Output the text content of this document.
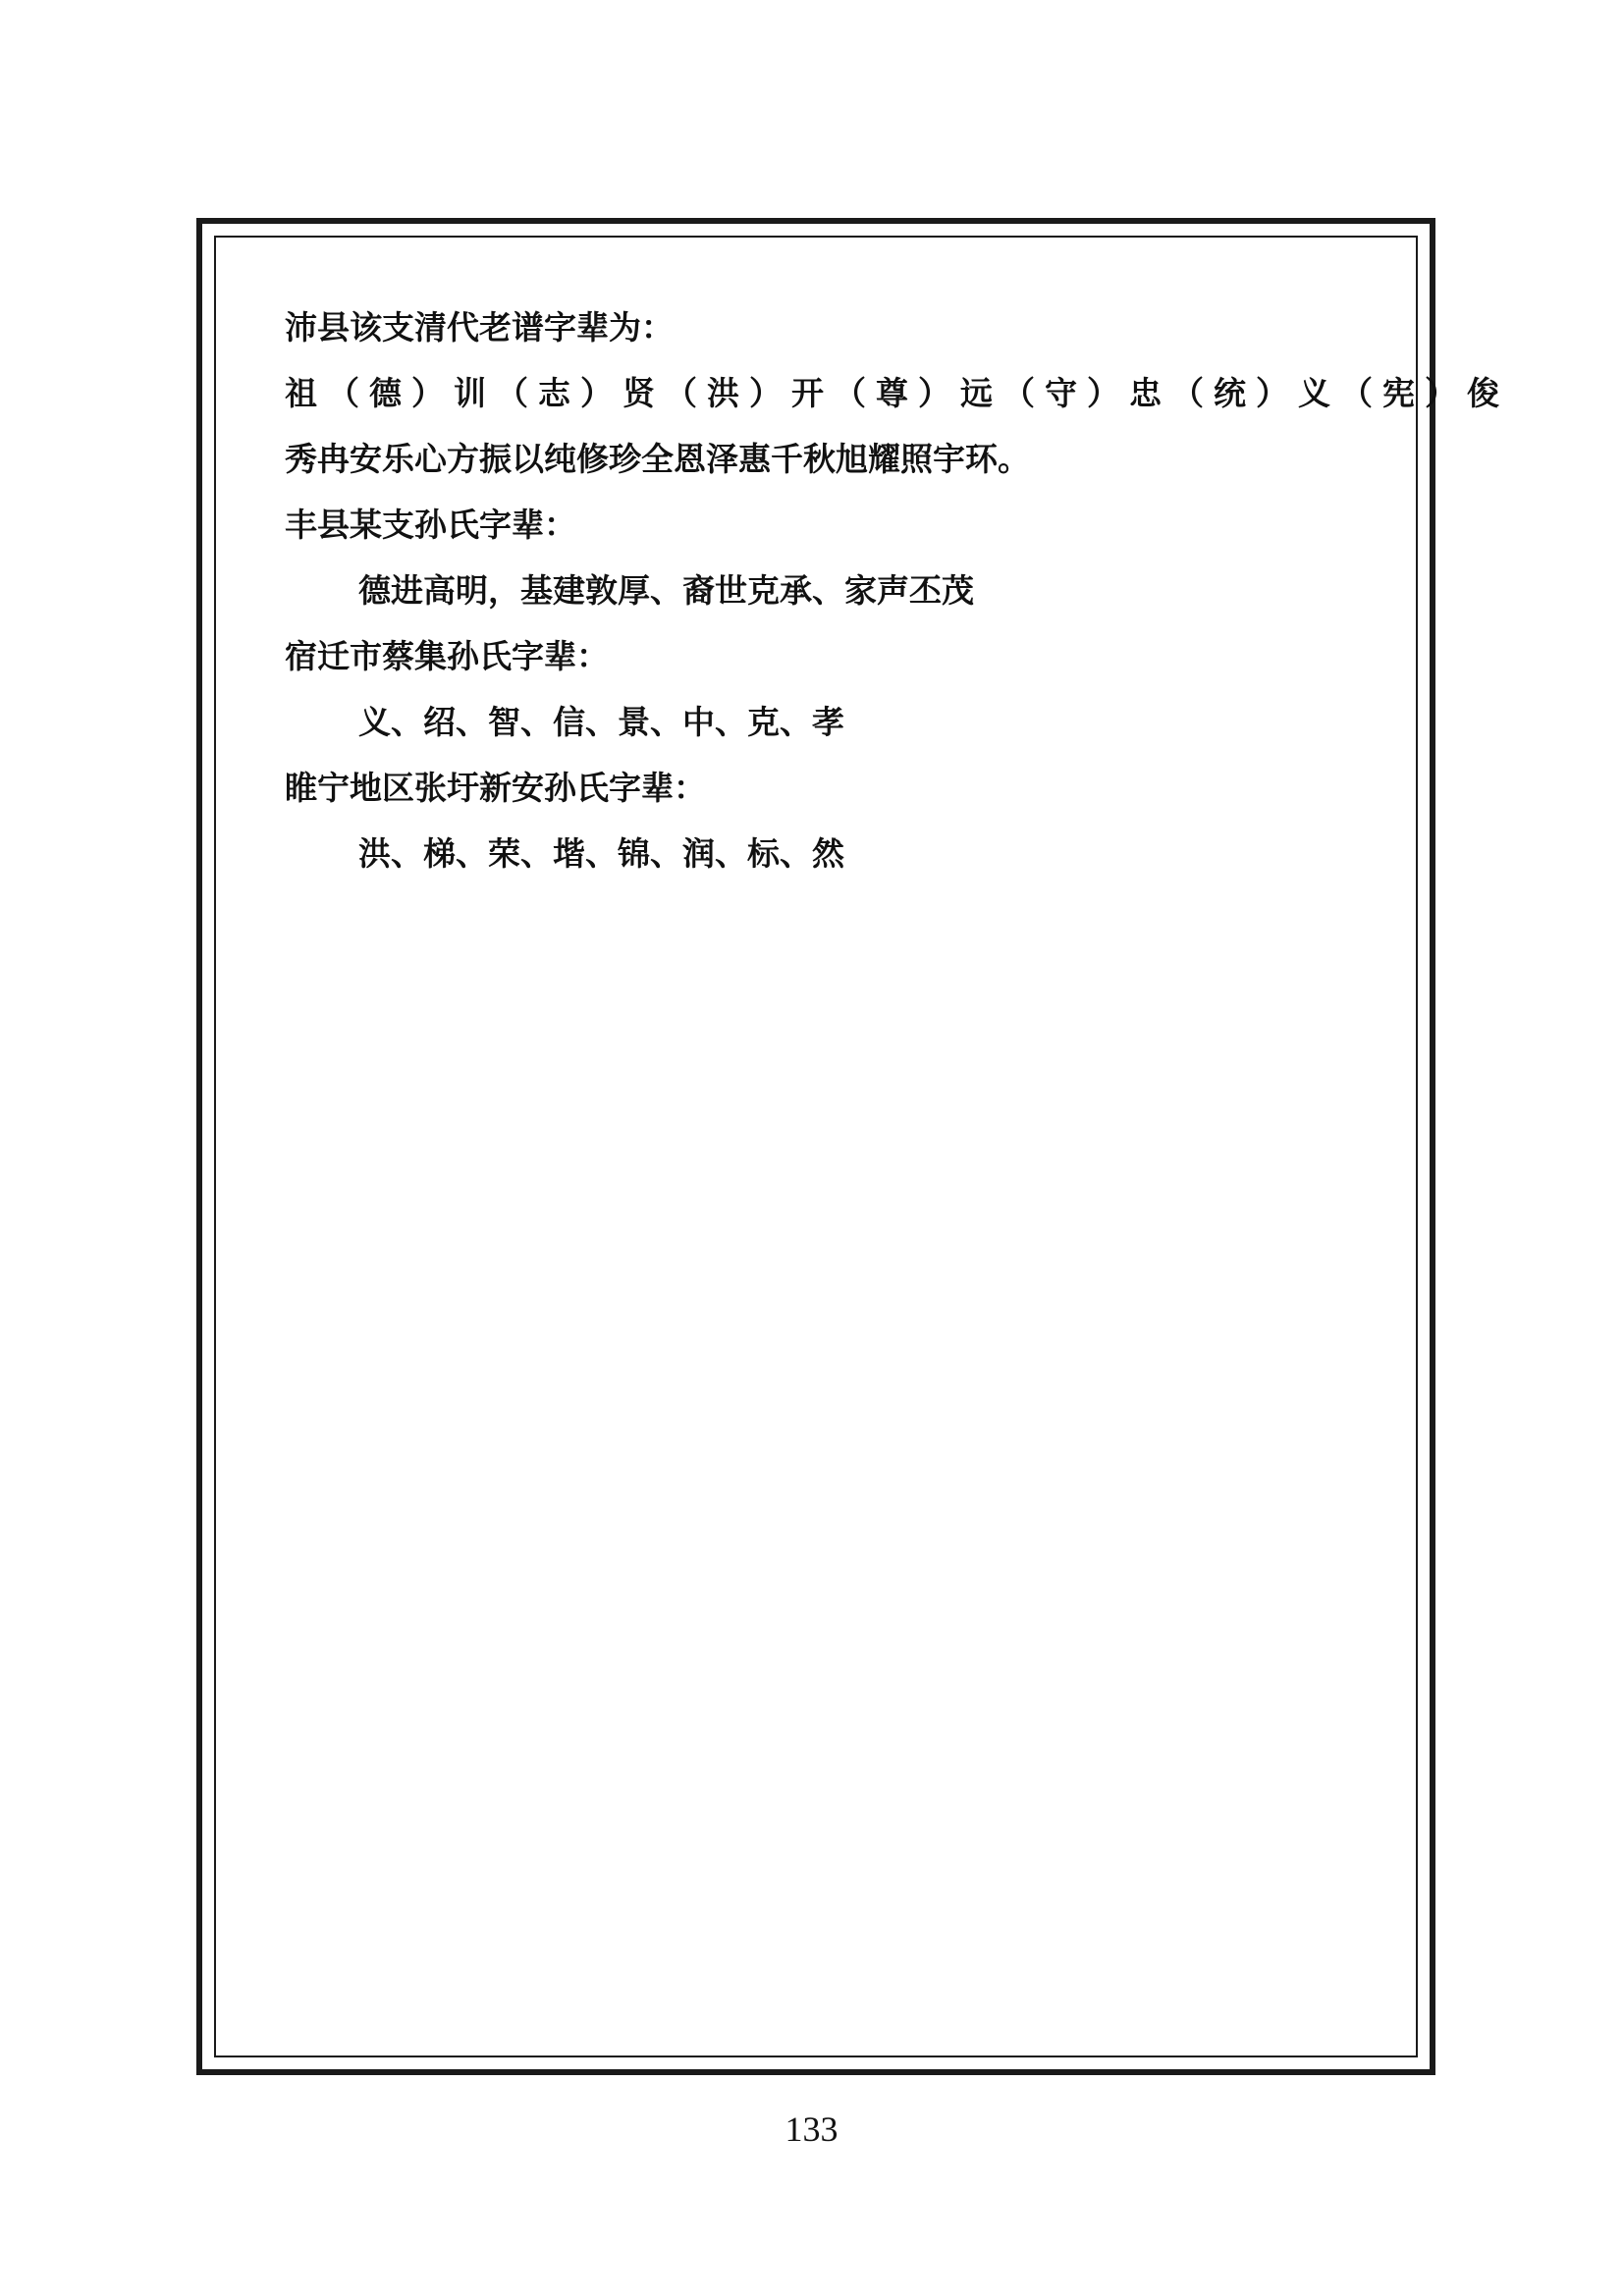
沛县该支清代老谱字辈为：
祖（德）训（志）贤（洪）开（尊）远（守）忠（统）义（宪）俊
秀冉安乐心方振以纯修珍全恩泽惠千秋旭耀照宇环。
丰县某支孙氏字辈：
德进高明，基建敦厚、裔世克承、家声丕茂
宿迁市蔡集孙氏字辈：
义、绍、智、信、景、中、克、孝
睢宁地区张圩新安孙氏字辈：
洪、梯、荣、堦、锦、润、标、然
133
